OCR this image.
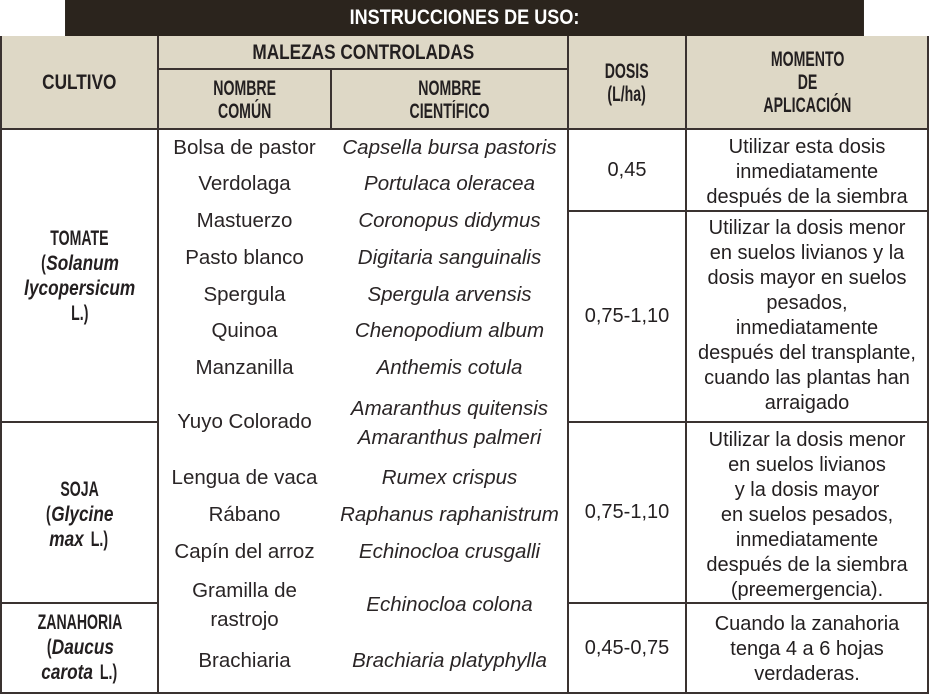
INSTRUCCIONES DE USO:
CULTIVO
MALEZAS CONTROLADAS
NOMBRE
COMÚN
NOMBRE
CIENTÍFICO
DOSIS
(L/ha)
MOMENTO
DE
APLICACIÓN
TOMATE
(Solanum
lycopersicum
L.)
SOJA
(Glycine
max L.)
ZANAHORIA
(Daucus
carota L.)
Bolsa de pastor
Verdolaga
Mastuerzo
Pasto blanco
Spergula
Quinoa
Manzanilla
Yuyo Colorado
Lengua de vaca
Rábano
Capín del arroz
Gramilla de
rastrojo
Brachiaria
Capsella bursa pastoris
Portulaca oleracea
Coronopus didymus
Digitaria sanguinalis
Spergula arvensis
Chenopodium album
Anthemis cotula
Amaranthus quitensis
Amaranthus palmeri
Rumex crispus
Raphanus raphanistrum
Echinocloa crusgalli
Echinocloa colona
Brachiaria platyphylla
0,45
0,75-1,10
0,75-1,10
0,45-0,75
Utilizar esta dosis
inmediatamente
después de la siembra
Utilizar la dosis menor
en suelos livianos y la
dosis mayor en suelos
pesados,
inmediatamente
después del transplante,
cuando las plantas han
arraigado
Utilizar la dosis menor
en suelos livianos
y la dosis mayor
en suelos pesados,
inmediatamente
después de la siembra
(preemergencia).
Cuando la zanahoria
tenga 4 a 6 hojas
verdaderas.
